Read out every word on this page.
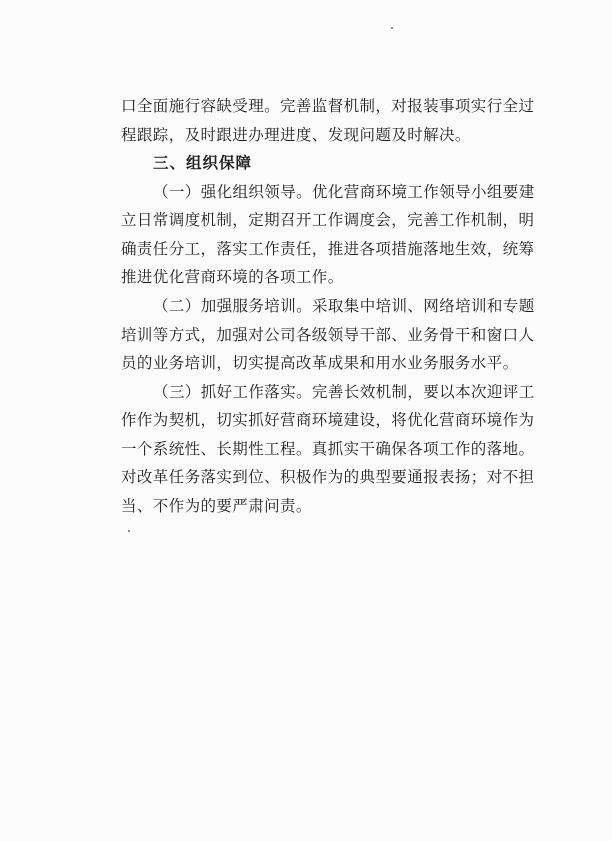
口全面施行容缺受理。完善监督机制，对报装事项实行全过
程跟踪，及时跟进办理进度、发现问题及时解决。
三、组织保障
（一）强化组织领导。优化营商环境工作领导小组要建
立日常调度机制，定期召开工作调度会，完善工作机制，明
确责任分工，落实工作责任，推进各项措施落地生效，统筹
推进优化营商环境的各项工作。
（二）加强服务培训。采取集中培训、网络培训和专题
培训等方式，加强对公司各级领导干部、业务骨干和窗口人
员的业务培训，切实提高改革成果和用水业务服务水平。
（三）抓好工作落实。完善长效机制，要以本次迎评工
作作为契机，切实抓好营商环境建设，将优化营商环境作为
一个系统性、长期性工程。真抓实干确保各项工作的落地。
对改革任务落实到位、积极作为的典型要通报表扬；对不担
当、不作为的要严肃问责。
